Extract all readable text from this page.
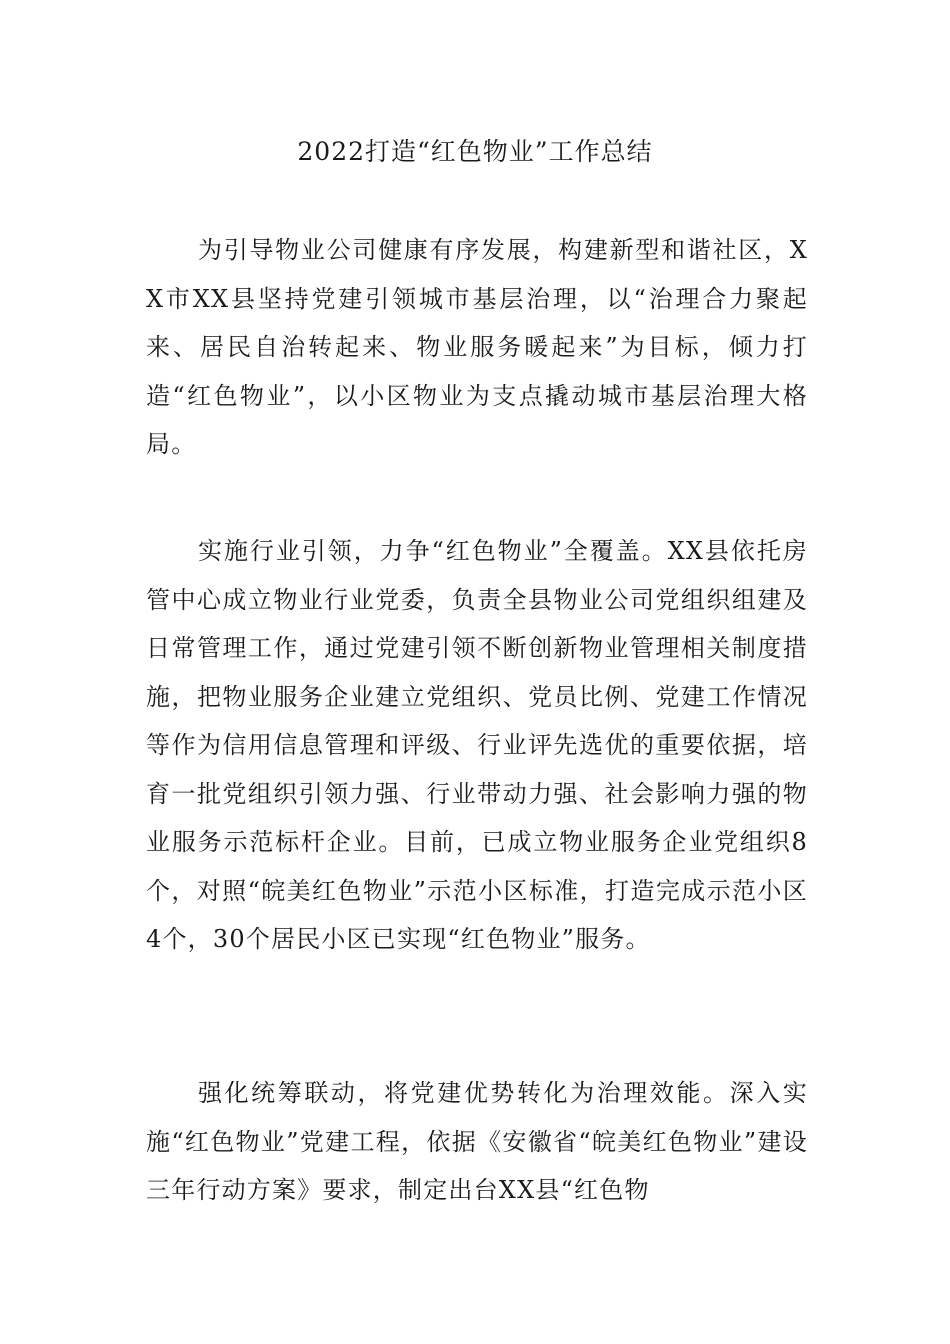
2022打造“红色物业”工作总结
为引导物业公司健康有序发展，构建新型和谐社区，XX市XX县坚持党建引领城市基层治理，以“治理合力聚起来、居民自治转起来、物业服务暖起来”为目标，倾力打造“红色物业”，以小区物业为支点撬动城市基层治理大格局。
实施行业引领，力争“红色物业”全覆盖。XX县依托房管中心成立物业行业党委，负责全县物业公司党组织组建及日常管理工作，通过党建引领不断创新物业管理相关制度措施，把物业服务企业建立党组织、党员比例、党建工作情况等作为信用信息管理和评级、行业评先选优的重要依据，培育一批党组织引领力强、行业带动力强、社会影响力强的物业服务示范标杆企业。目前，已成立物业服务企业党组织8个，对照“皖美红色物业”示范小区标准，打造完成示范小区4个，30个居民小区已实现“红色物业”服务。
强化统筹联动，将党建优势转化为治理效能。深入实施“红色物业”党建工程，依据《安徽省“皖美红色物业”建设三年行动方案》要求，制定出台XX县“红色物
